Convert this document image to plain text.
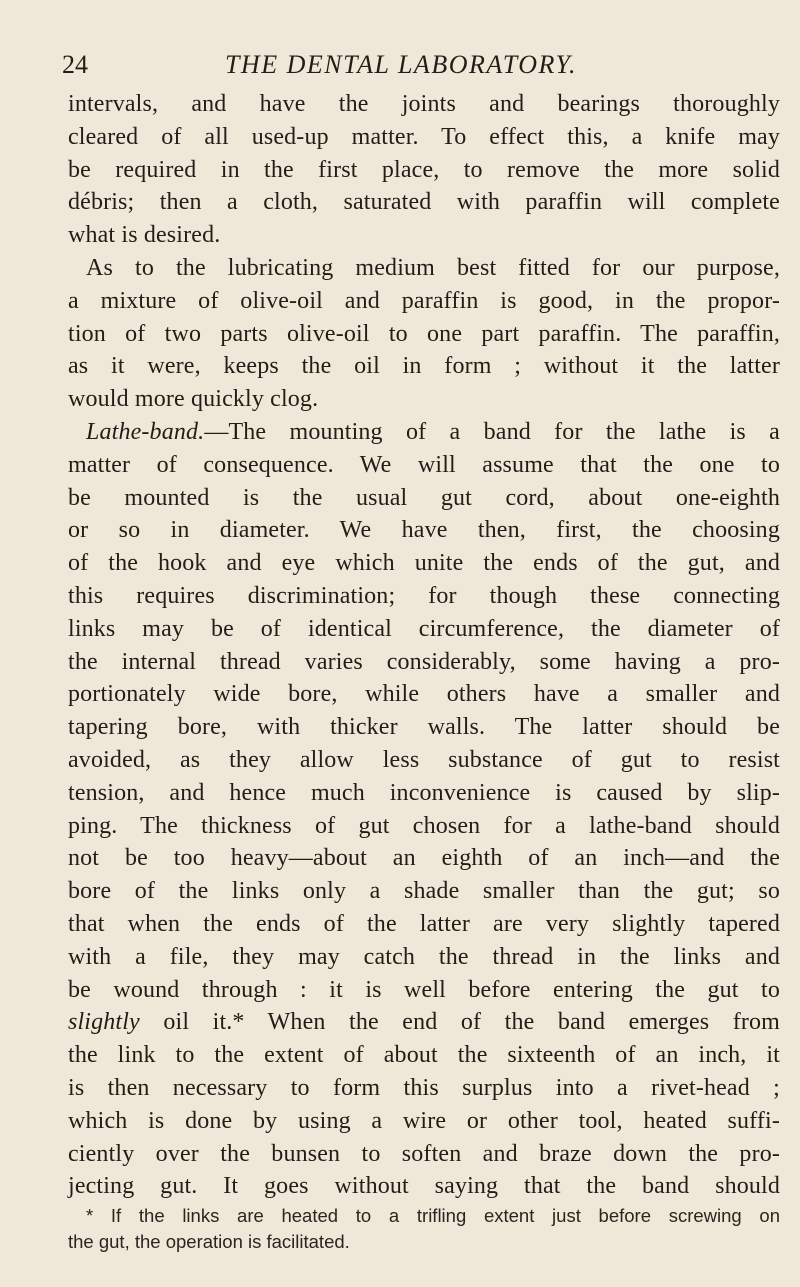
24	THE DENTAL LABORATORY.
intervals, and have the joints and bearings thoroughly
cleared of all used-up matter. To effect this, a knife may
be required in the first place, to remove the more solid
débris; then a cloth, saturated with paraffin will complete
what is desired.
As to the lubricating medium best fitted for our purpose,
a mixture of olive-oil and paraffin is good, in the propor-
tion of two parts olive-oil to one part paraffin. The paraffin,
as it were, keeps the oil in form ; without it the latter
would more quickly clog.
Lathe-band.—The mounting of a band for the lathe is a
matter of consequence. We will assume that the one to
be mounted is the usual gut cord, about one-eighth
or so in diameter. We have then, first, the choosing
of the hook and eye which unite the ends of the gut, and
this requires discrimination; for though these connecting
links may be of identical circumference, the diameter of
the internal thread varies considerably, some having a pro-
portionately wide bore, while others have a smaller and
tapering bore, with thicker walls. The latter should be
avoided, as they allow less substance of gut to resist
tension, and hence much inconvenience is caused by slip-
ping. The thickness of gut chosen for a lathe-band should
not be too heavy—about an eighth of an inch—and the
bore of the links only a shade smaller than the gut; so
that when the ends of the latter are very slightly tapered
with a file, they may catch the thread in the links and
be wound through : it is well before entering the gut to
slightly oil it.* When the end of the band emerges from
the link to the extent of about the sixteenth of an inch, it
is then necessary to form this surplus into a rivet-head ;
which is done by using a wire or other tool, heated suffi-
ciently over the bunsen to soften and braze down the pro-
jecting gut. It goes without saying that the band should
* If the links are heated to a trifling extent just before screwing on
the gut, the operation is facilitated.
